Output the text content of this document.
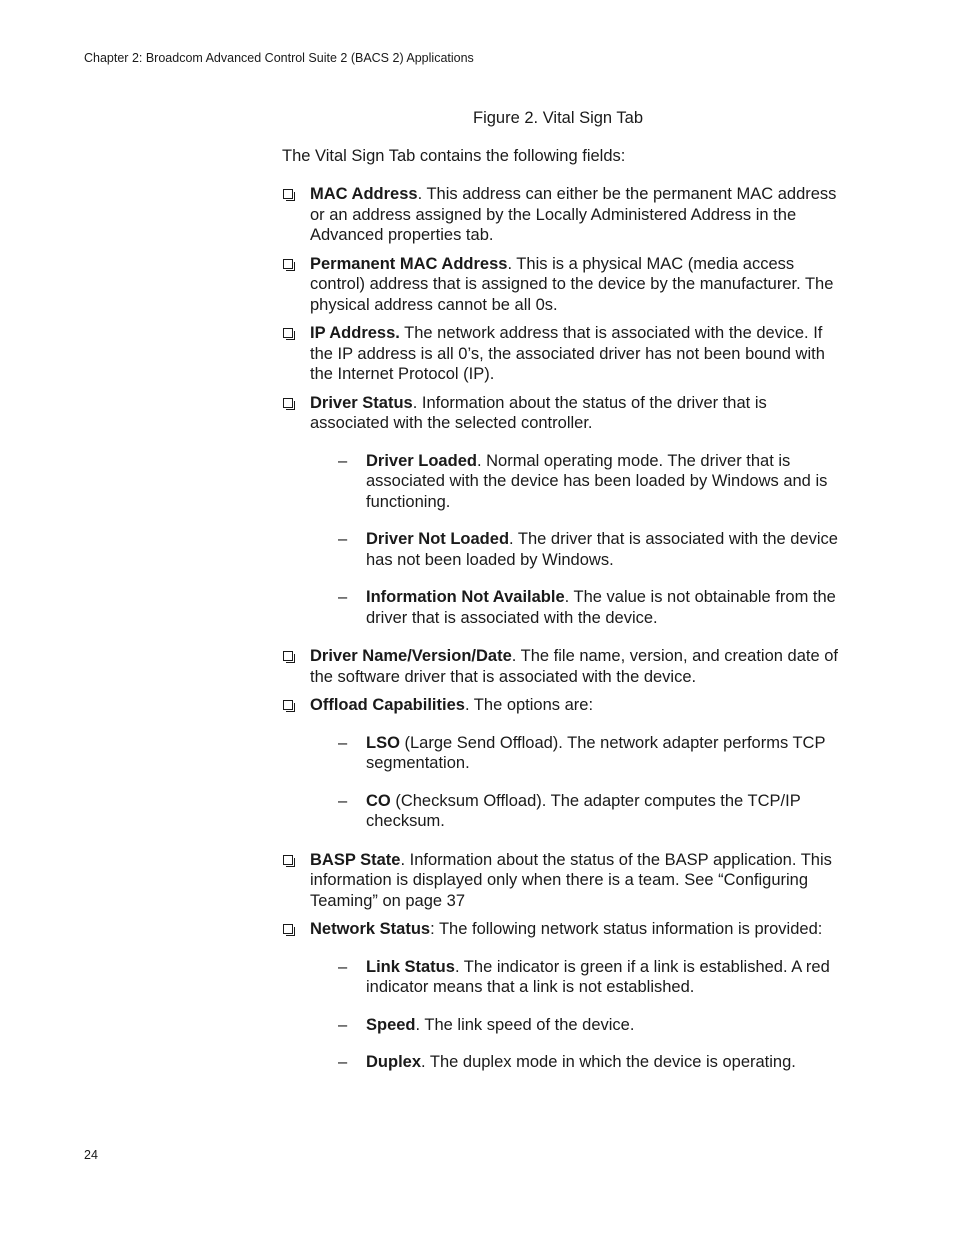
Chapter 2: Broadcom Advanced Control Suite 2 (BACS 2) Applications
Figure 2. Vital Sign Tab
The Vital Sign Tab contains the following fields:
MAC Address. This address can either be the permanent MAC address or an address assigned by the Locally Administered Address in the Advanced properties tab.
Permanent MAC Address. This is a physical MAC (media access control) address that is assigned to the device by the manufacturer. The physical address cannot be all 0s.
IP Address. The network address that is associated with the device. If the IP address is all 0’s, the associated driver has not been bound with the Internet Protocol (IP).
Driver Status. Information about the status of the driver that is associated with the selected controller.
– Driver Loaded. Normal operating mode. The driver that is associated with the device has been loaded by Windows and is functioning.
– Driver Not Loaded. The driver that is associated with the device has not been loaded by Windows.
– Information Not Available. The value is not obtainable from the driver that is associated with the device.
Driver Name/Version/Date. The file name, version, and creation date of the software driver that is associated with the device.
Offload Capabilities. The options are:
– LSO (Large Send Offload). The network adapter performs TCP segmentation.
– CO (Checksum Offload). The adapter computes the TCP/IP checksum.
BASP State. Information about the status of the BASP application. This information is displayed only when there is a team. See “Configuring Teaming” on page 37
Network Status: The following network status information is provided:
– Link Status. The indicator is green if a link is established. A red indicator means that a link is not established.
– Speed. The link speed of the device.
– Duplex. The duplex mode in which the device is operating.
24
